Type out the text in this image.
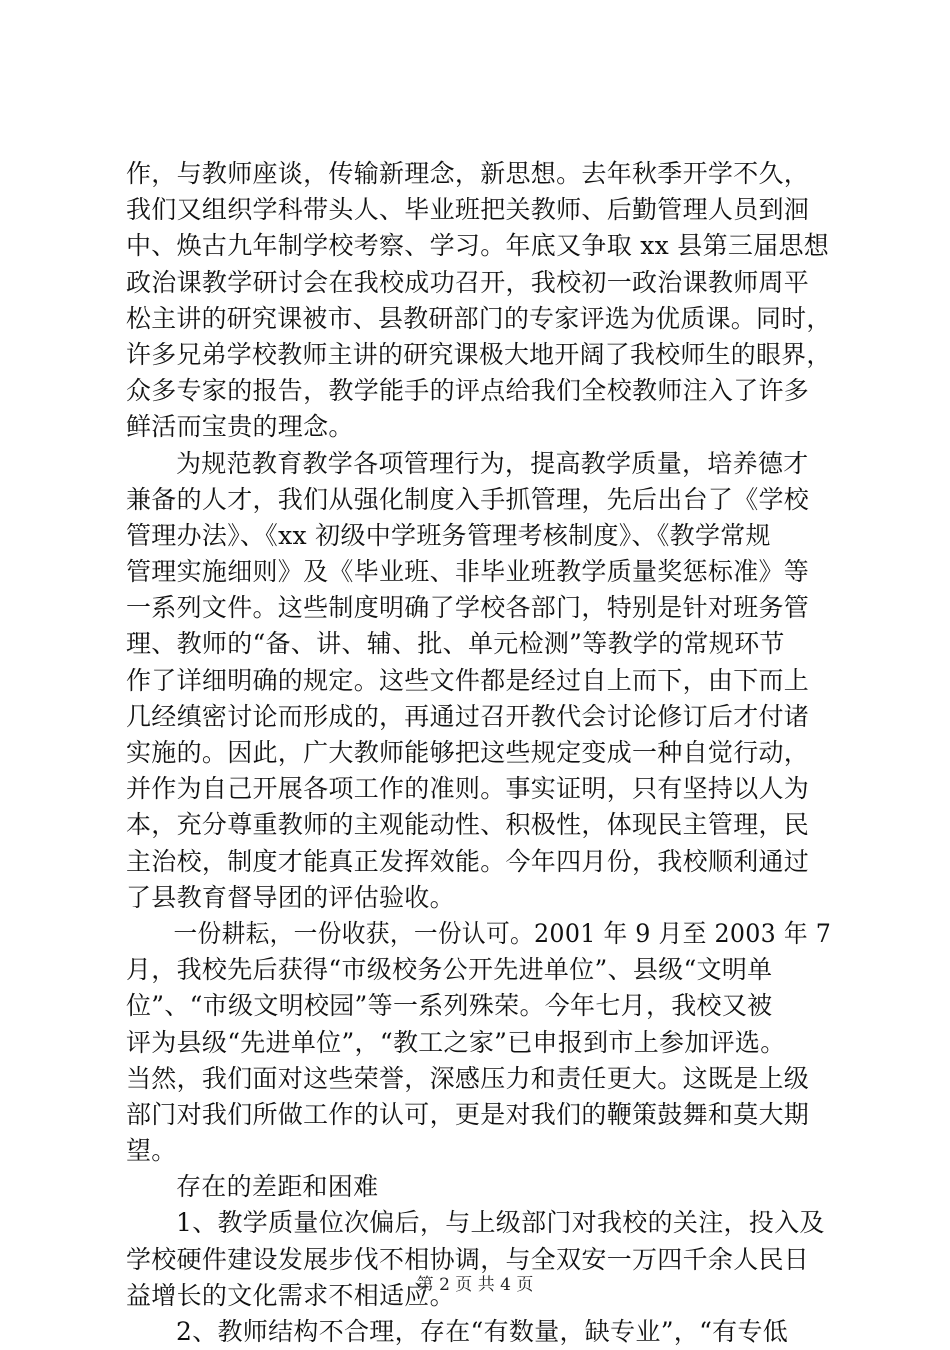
作，与教师座谈，传输新理念，新思想。去年秋季开学不久，
我们又组织学科带头人、毕业班把关教师、后勤管理人员到洄
中、焕古九年制学校考察、学习。年底又争取 xx 县第三届思想
政治课教学研讨会在我校成功召开，我校初一政治课教师周平
松主讲的研究课被市、县教研部门的专家评选为优质课。同时，
许多兄弟学校教师主讲的研究课极大地开阔了我校师生的眼界，
众多专家的报告，教学能手的评点给我们全校教师注入了许多
鲜活而宝贵的理念。
为规范教育教学各项管理行为，提高教学质量，培养德才
兼备的人才，我们从强化制度入手抓管理，先后出台了《学校
管理办法》、《xx 初级中学班务管理考核制度》、《教学常规
管理实施细则》及《毕业班、非毕业班教学质量奖惩标准》等
一系列文件。这些制度明确了学校各部门，特别是针对班务管
理、教师的“备、讲、辅、批、单元检测”等教学的常规环节
作了详细明确的规定。这些文件都是经过自上而下，由下而上
几经缜密讨论而形成的，再通过召开教代会讨论修订后才付诸
实施的。因此，广大教师能够把这些规定变成一种自觉行动，
并作为自己开展各项工作的准则。事实证明，只有坚持以人为
本，充分尊重教师的主观能动性、积极性，体现民主管理，民
主治校，制度才能真正发挥效能。今年四月份，我校顺利通过
了县教育督导团的评估验收。
一份耕耘，一份收获，一份认可。2001 年 9 月至 2003 年 7
月，我校先后获得“市级校务公开先进单位”、县级“文明单
位”、“市级文明校园”等一系列殊荣。今年七月，我校又被
评为县级“先进单位”，“教工之家”已申报到市上参加评选。
当然，我们面对这些荣誉，深感压力和责任更大。这既是上级
部门对我们所做工作的认可，更是对我们的鞭策鼓舞和莫大期
望。
存在的差距和困难
1、教学质量位次偏后，与上级部门对我校的关注，投入及
学校硬件建设发展步伐不相协调，与全双安一万四千余人民日
益增长的文化需求不相适应。
2、教师结构不合理，存在“有数量，缺专业”，“有专低
第 2 页 共 4 页
